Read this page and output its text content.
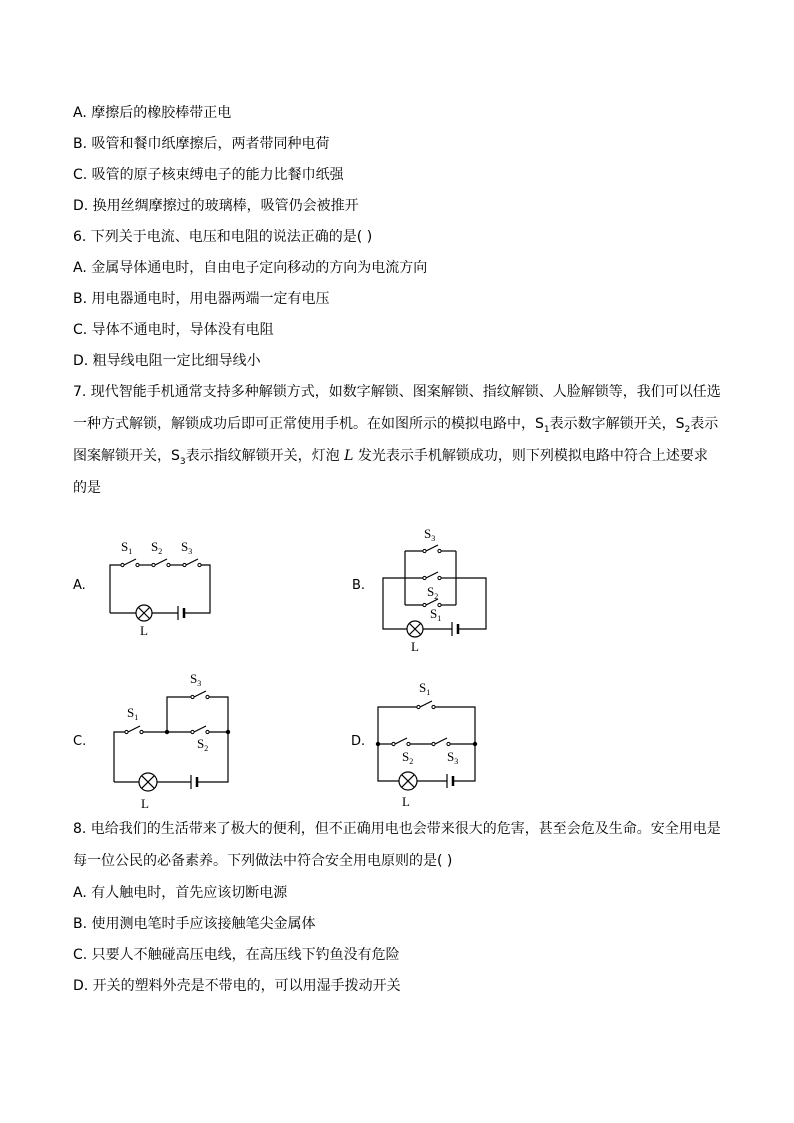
A. 摩擦后的橡胶棒带正电
B. 吸管和餐巾纸摩擦后，两者带同种电荷
C. 吸管的原子核束缚电子的能力比餐巾纸强
D. 换用丝绸摩擦过的玻璃棒，吸管仍会被推开
6. 下列关于电流、电压和电阻的说法正确的是( )
A. 金属导体通电时，自由电子定向移动的方向为电流方向
B. 用电器通电时，用电器两端一定有电压
C. 导体不通电时，导体没有电阻
D. 粗导线电阻一定比细导线小
7. 现代智能手机通常支持多种解锁方式，如数字解锁、图案解锁、指纹解锁、人脸解锁等，我们可以任选一种方式解锁，解锁成功后即可正常使用手机。在如图所示的模拟电路中，$S_1$表示数字解锁开关，$S_2$表示图案解锁开关，$S_3$表示指纹解锁开关，灯泡 L 发光表示手机解锁成功，则下列模拟电路中符合上述要求的是
A.
$S_1$ $S_2$ $S_3$
L
B.
$S_3$
$S_2$
$S_1$
L
C.
$S_1$
$S_3$
$S_2$
L
D.
$S_1$
$S_2$	$S_3$
L
8. 电给我们的生活带来了极大的便利，但不正确用电也会带来很大的危害，甚至会危及生命。安全用电是每一位公民的必备素养。下列做法中符合安全用电原则的是( )
A. 有人触电时，首先应该切断电源
B. 使用测电笔时手应该接触笔尖金属体
C. 只要人不触碰高压电线，在高压线下钓鱼没有危险
D. 开关的塑料外壳是不带电的，可以用湿手拨动开关
